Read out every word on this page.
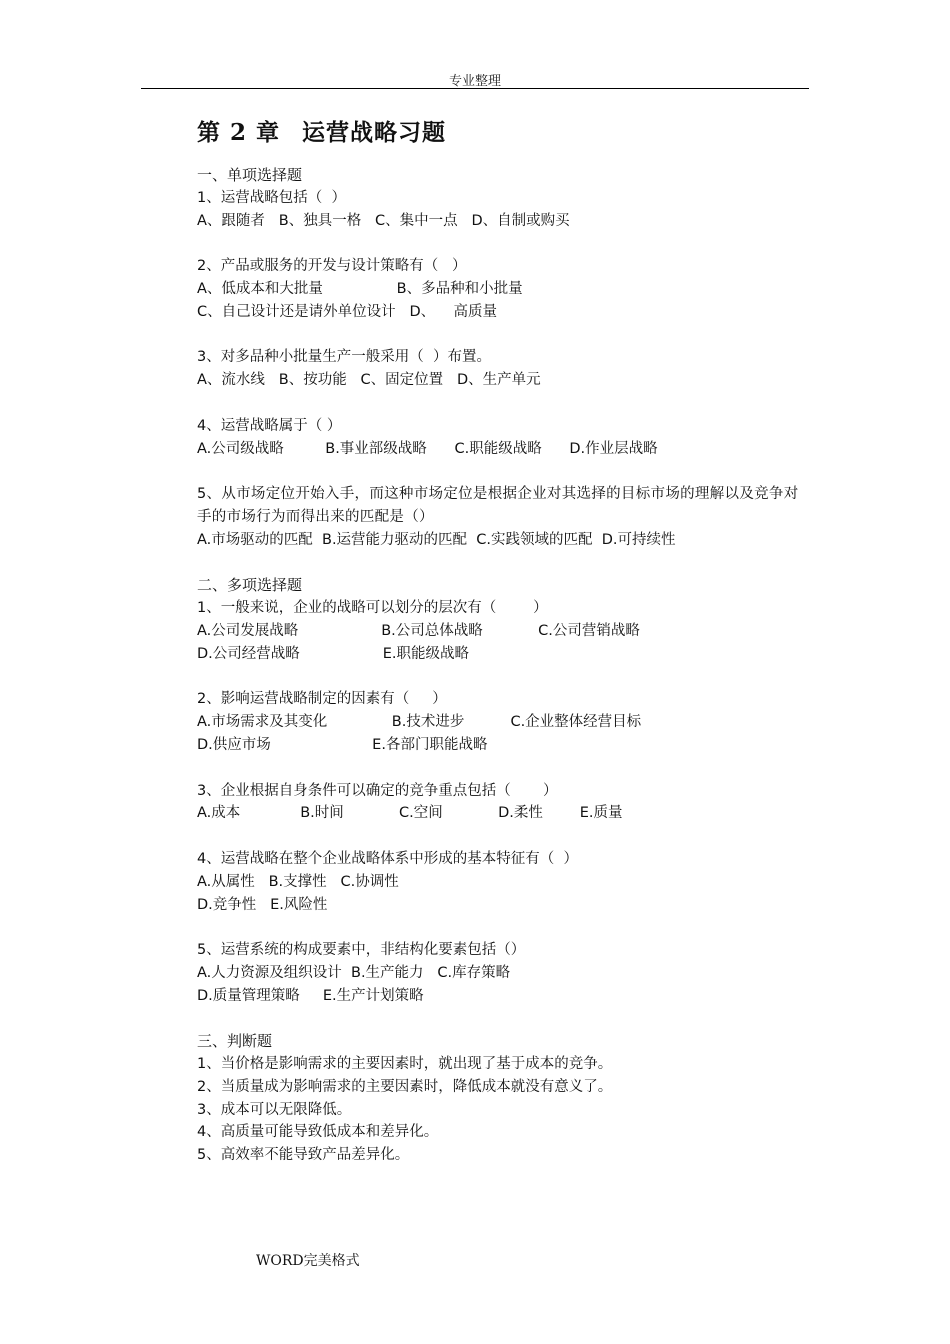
专业整理
第 2 章 运营战略习题
一、单项选择题
1、运营战略包括（  ）
A、跟随者   B、独具一格   C、集中一点   D、自制或购买
2、产品或服务的开发与设计策略有（   ）
A、低成本和大批量                B、多品种和小批量
C、自己设计还是请外单位设计   D、    高质量
3、对多品种小批量生产一般采用（  ）布置。
A、流水线   B、按功能   C、固定位置   D、生产单元
4、运营战略属于（ ）
A.公司级战略         B.事业部级战略      C.职能级战略      D.作业层战略
5、从市场定位开始入手，而这种市场定位是根据企业对其选择的目标市场的理解以及竞争对手的市场行为而得出来的匹配是（）
A.市场驱动的匹配  B.运营能力驱动的匹配  C.实践领域的匹配  D.可持续性
二、多项选择题
1、一般来说，企业的战略可以划分的层次有（        ）
A.公司发展战略                  B.公司总体战略            C.公司营销战略
D.公司经营战略                  E.职能级战略
2、影响运营战略制定的因素有（     ）
A.市场需求及其变化              B.技术进步          C.企业整体经营目标
D.供应市场                      E.各部门职能战略
3、企业根据自身条件可以确定的竞争重点包括（       ）
A.成本             B.时间            C.空间            D.柔性        E.质量
4、运营战略在整个企业战略体系中形成的基本特征有（  ）
A.从属性   B.支撑性   C.协调性
D.竞争性   E.风险性
5、运营系统的构成要素中，非结构化要素包括（）
A.人力资源及组织设计  B.生产能力   C.库存策略
D.质量管理策略     E.生产计划策略
三、判断题
1、当价格是影响需求的主要因素时，就出现了基于成本的竞争。
2、当质量成为影响需求的主要因素时，降低成本就没有意义了。
3、成本可以无限降低。
4、高质量可能导致低成本和差异化。
5、高效率不能导致产品差异化。
WORD完美格式
